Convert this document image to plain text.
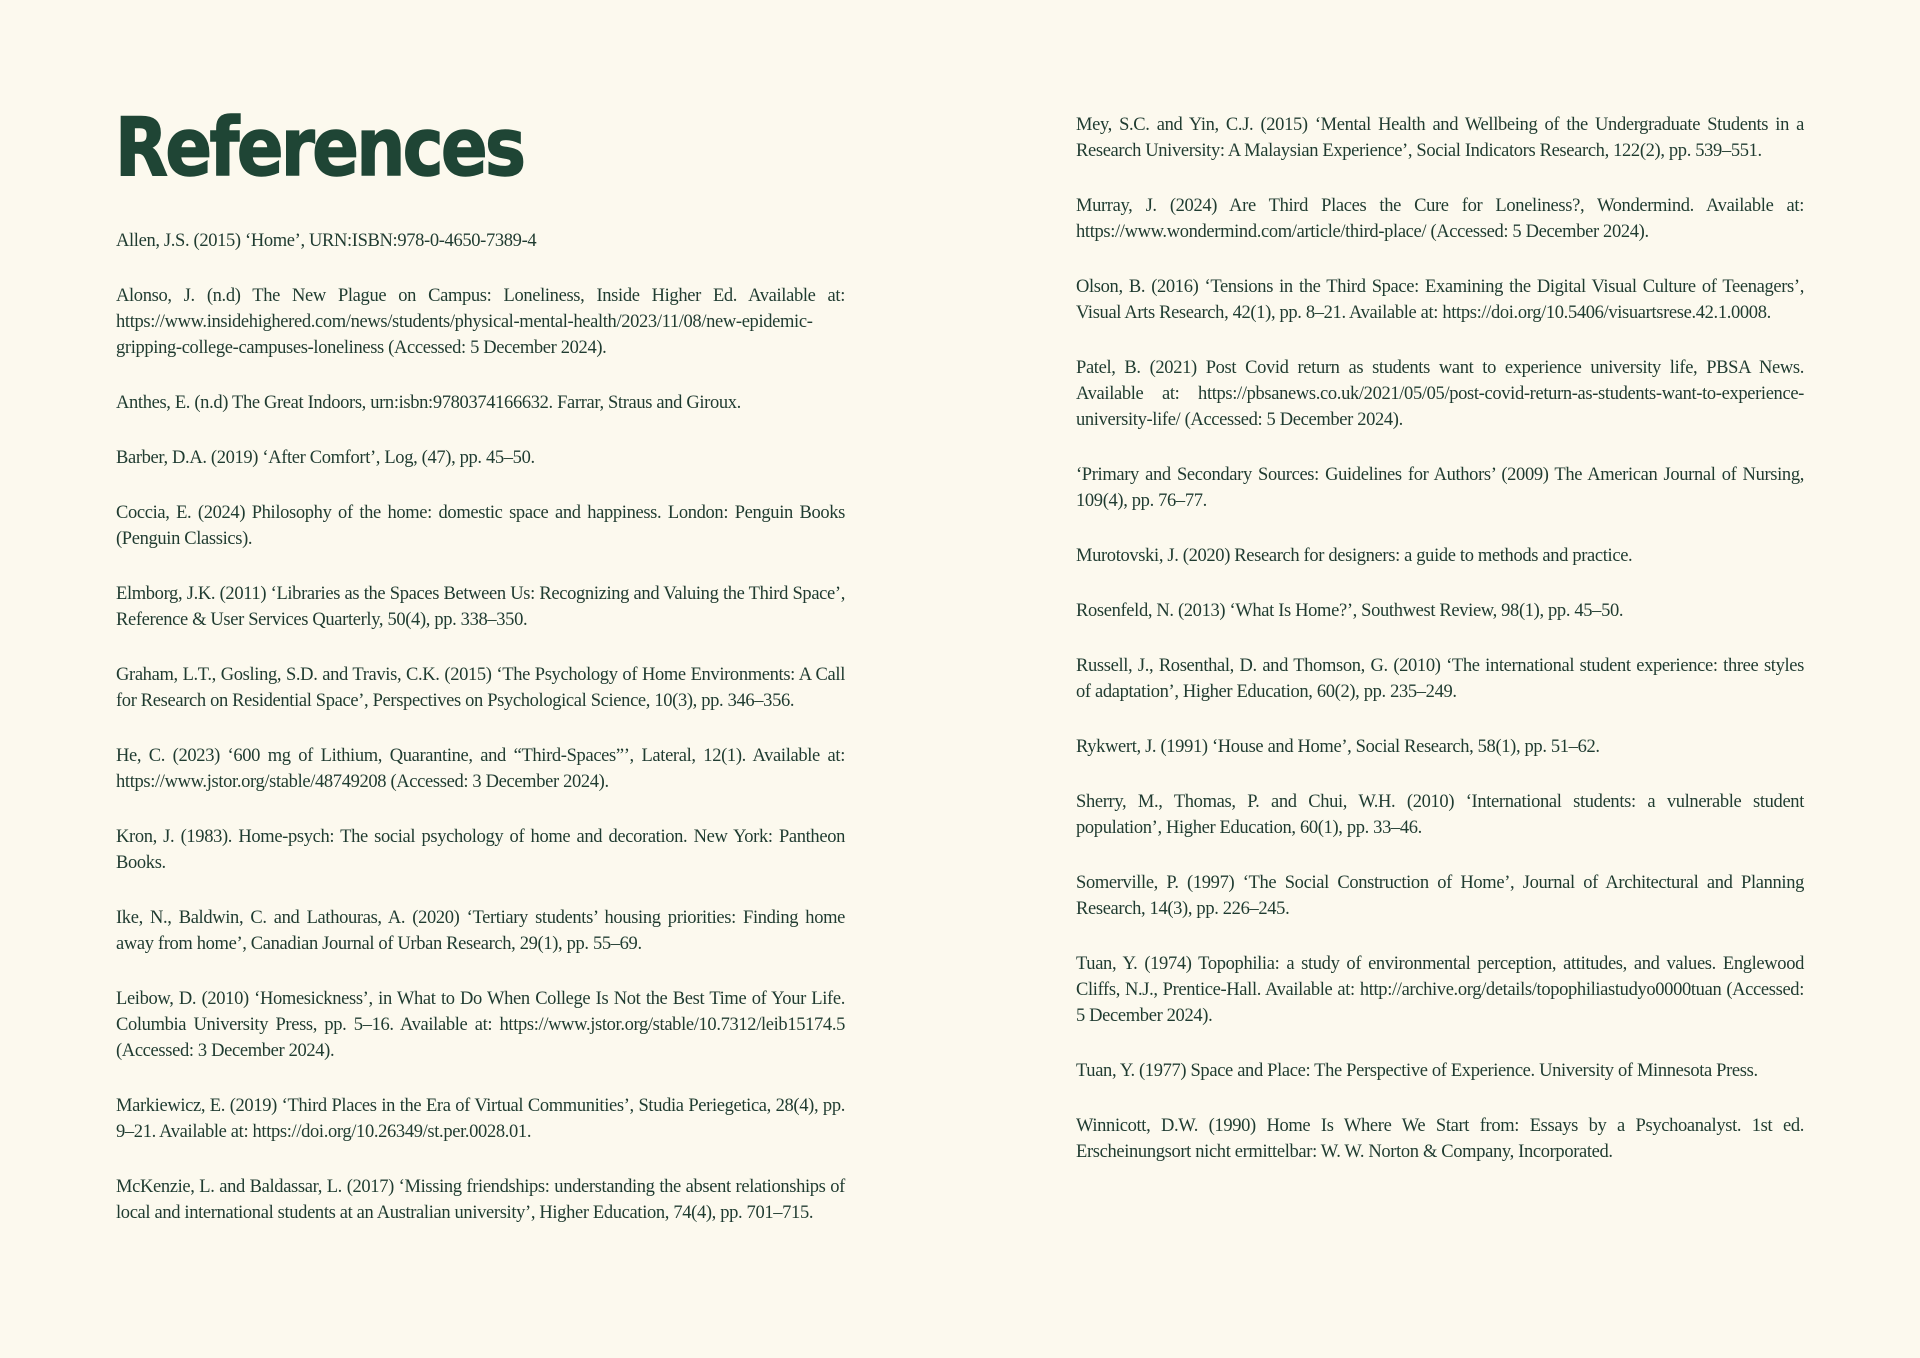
References

Allen, J.S. (2015) ‘Home’, URN:ISBN:978-0-4650-7389-4

Alonso, J. (n.d) The New Plague on Campus: Loneliness, Inside Higher Ed. Available at: https://www.insidehighered.com/news/students/physical-mental-health/2023/11/08/new-epidemic-gripping-college-campuses-loneliness (Accessed: 5 December 2024).

Anthes, E. (n.d) The Great Indoors, urn:isbn:9780374166632. Farrar, Straus and Giroux.

Barber, D.A. (2019) ‘After Comfort’, Log, (47), pp. 45–50.

Coccia, E. (2024) Philosophy of the home: domestic space and happiness. London: Penguin Books (Penguin Classics).

Elmborg, J.K. (2011) ‘Libraries as the Spaces Between Us: Recognizing and Valuing the Third Space’, Reference & User Services Quarterly, 50(4), pp. 338–350.

Graham, L.T., Gosling, S.D. and Travis, C.K. (2015) ‘The Psychology of Home Environments: A Call for Research on Residential Space’, Perspectives on Psychological Science, 10(3), pp. 346–356.

He, C. (2023) ‘600 mg of Lithium, Quarantine, and “Third-Spaces”’, Lateral, 12(1). Available at: https://www.jstor.org/stable/48749208 (Accessed: 3 December 2024).

Kron, J. (1983). Home-psych: The social psychology of home and decoration. New York: Pantheon Books.

Ike, N., Baldwin, C. and Lathouras, A. (2020) ‘Tertiary students’ housing priorities: Finding home away from home’, Canadian Journal of Urban Research, 29(1), pp. 55–69.

Leibow, D. (2010) ‘Homesickness’, in What to Do When College Is Not the Best Time of Your Life. Columbia University Press, pp. 5–16. Available at: https://www.jstor.org/stable/10.7312/leib15174.5 (Accessed: 3 December 2024).

Markiewicz, E. (2019) ‘Third Places in the Era of Virtual Communities’, Studia Periegetica, 28(4), pp. 9–21. Available at: https://doi.org/10.26349/st.per.0028.01.

McKenzie, L. and Baldassar, L. (2017) ‘Missing friendships: understanding the absent relationships of local and international students at an Australian university’, Higher Education, 74(4), pp. 701–715.

Mey, S.C. and Yin, C.J. (2015) ‘Mental Health and Wellbeing of the Undergraduate Students in a Research University: A Malaysian Experience’, Social Indicators Research, 122(2), pp. 539–551.

Murray, J. (2024) Are Third Places the Cure for Loneliness?, Wondermind. Available at: https://www.wondermind.com/article/third-place/ (Accessed: 5 December 2024).

Olson, B. (2016) ‘Tensions in the Third Space: Examining the Digital Visual Culture of Teenagers’, Visual Arts Research, 42(1), pp. 8–21. Available at: https://doi.org/10.5406/visuartsrese.42.1.0008.

Patel, B. (2021) Post Covid return as students want to experience university life, PBSA News. Available at: https://pbsanews.co.uk/2021/05/05/post-covid-return-as-students-want-to-experience-university-life/ (Accessed: 5 December 2024).

‘Primary and Secondary Sources: Guidelines for Authors’ (2009) The American Journal of Nursing, 109(4), pp. 76–77.

Murotovski, J. (2020) Research for designers: a guide to methods and practice.

Rosenfeld, N. (2013) ‘What Is Home?’, Southwest Review, 98(1), pp. 45–50.

Russell, J., Rosenthal, D. and Thomson, G. (2010) ‘The international student experience: three styles of adaptation’, Higher Education, 60(2), pp. 235–249.

Rykwert, J. (1991) ‘House and Home’, Social Research, 58(1), pp. 51–62.

Sherry, M., Thomas, P. and Chui, W.H. (2010) ‘International students: a vulnerable student population’, Higher Education, 60(1), pp. 33–46.

Somerville, P. (1997) ‘The Social Construction of Home’, Journal of Architectural and Planning Research, 14(3), pp. 226–245.

Tuan, Y. (1974) Topophilia: a study of environmental perception, attitudes, and values. Englewood Cliffs, N.J., Prentice-Hall. Available at: http://archive.org/details/topophiliastudyo0000tuan (Accessed: 5 December 2024).

Tuan, Y. (1977) Space and Place: The Perspective of Experience. University of Minnesota Press.

Winnicott, D.W. (1990) Home Is Where We Start from: Essays by a Psychoanalyst. 1st ed. Erscheinungsort nicht ermittelbar: W. W. Norton & Company, Incorporated.
